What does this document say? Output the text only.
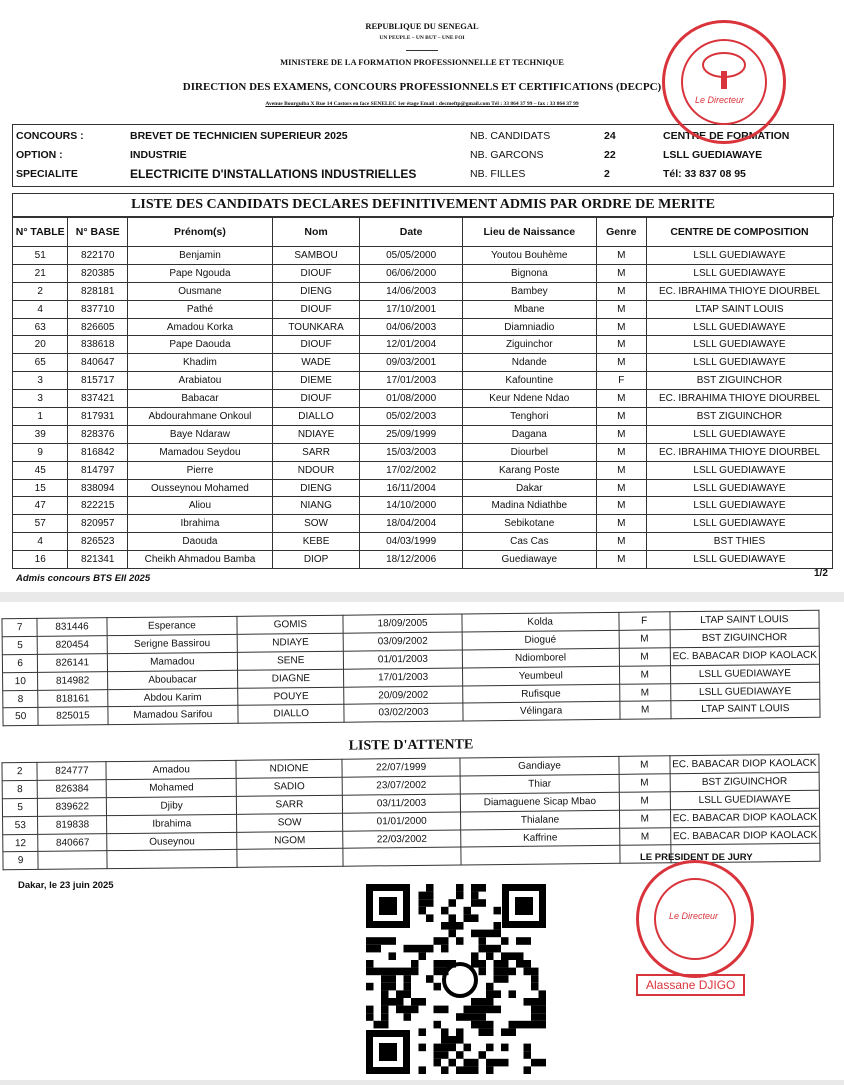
REPUBLIQUE DU SENEGAL
UN PEUPLE – UN BUT – UNE FOI
MINISTERE DE LA FORMATION PROFESSIONNELLE ET TECHNIQUE
DIRECTION DES EXAMENS, CONCOURS PROFESSIONNELS ET CERTIFICATIONS (DECPC)
Avenue Bourguiba X Rue 14 Castors en face SENELEC 1er étage Email : decmeftp@gmail.com Tél : 33 864 37 99 – fax : 33 864 37 99
CONCOURS :	BREVET DE TECHNICIEN SUPERIEUR 2025	NB. CANDIDATS	24	CENTRE DE FORMATION
OPTION :	INDUSTRIE	NB. GARCONS	22	LSLL GUEDIAWAYE
SPECIALITE	ELECTRICITE D'INSTALLATIONS INDUSTRIELLES	NB. FILLES	2	Tél: 33 837 08 95
LISTE DES CANDIDATS DECLARES DEFINITIVEMENT ADMIS PAR ORDRE DE MERITE
N° TABLE	N° BASE	Prénom(s)	Nom	Date	Lieu de Naissance	Genre	CENTRE DE COMPOSITION
51	822170	Benjamin	SAMBOU	05/05/2000	Youtou Bouhème	M	LSLL GUEDIAWAYE
21	820385	Pape Ngouda	DIOUF	06/06/2000	Bignona	M	LSLL GUEDIAWAYE
2	828181	Ousmane	DIENG	14/06/2003	Bambey	M	EC. IBRAHIMA THIOYE DIOURBEL
4	837710	Pathé	DIOUF	17/10/2001	Mbane	M	LTAP SAINT LOUIS
63	826605	Amadou Korka	TOUNKARA	04/06/2003	Diamniadio	M	LSLL GUEDIAWAYE
20	838618	Pape Daouda	DIOUF	12/01/2004	Ziguinchor	M	LSLL GUEDIAWAYE
65	840647	Khadim	WADE	09/03/2001	Ndande	M	LSLL GUEDIAWAYE
3	815717	Arabiatou	DIEME	17/01/2003	Kafountine	F	BST ZIGUINCHOR
3	837421	Babacar	DIOUF	01/08/2000	Keur Ndene Ndao	M	EC. IBRAHIMA THIOYE DIOURBEL
1	817931	Abdourahmane Onkoul	DIALLO	05/02/2003	Tenghori	M	BST ZIGUINCHOR
39	828376	Baye Ndaraw	NDIAYE	25/09/1999	Dagana	M	LSLL GUEDIAWAYE
9	816842	Mamadou Seydou	SARR	15/03/2003	Diourbel	M	EC. IBRAHIMA THIOYE DIOURBEL
45	814797	Pierre	NDOUR	17/02/2002	Karang Poste	M	LSLL GUEDIAWAYE
15	838094	Ousseynou Mohamed	DIENG	16/11/2004	Dakar	M	LSLL GUEDIAWAYE
47	822215	Aliou	NIANG	14/10/2000	Madina Ndiathbe	M	LSLL GUEDIAWAYE
57	820957	Ibrahima	SOW	18/04/2004	Sebikotane	M	LSLL GUEDIAWAYE
4	826523	Daouda	KEBE	04/03/1999	Cas Cas	M	BST THIES
16	821341	Cheikh Ahmadou Bamba	DIOP	18/12/2006	Guediawaye	M	LSLL GUEDIAWAYE
Admis concours BTS EII 2025	1/2
Le Directeur
7	831446	Esperance	GOMIS	18/09/2005	Kolda	F	LTAP SAINT LOUIS
5	820454	Serigne Bassirou	NDIAYE	03/09/2002	Diogué	M	BST ZIGUINCHOR
6	826141	Mamadou	SENE	01/01/2003	Ndiomborel	M	EC. BABACAR DIOP KAOLACK
10	814982	Aboubacar	DIAGNE	17/01/2003	Yeumbeul	M	LSLL GUEDIAWAYE
8	818161	Abdou Karim	POUYE	20/09/2002	Rufisque	M	LSLL GUEDIAWAYE
50	825015	Mamadou Sarifou	DIALLO	03/02/2003	Vélingara	M	LTAP SAINT LOUIS
LISTE D'ATTENTE
2	824777	Amadou	NDIONE	22/07/1999	Gandiaye	M	EC. BABACAR DIOP KAOLACK
8	826384	Mohamed	SADIO	23/07/2002	Thiar	M	BST ZIGUINCHOR
5	839622	Djiby	SARR	03/11/2003	Diamaguene Sicap Mbao	M	LSLL GUEDIAWAYE
53	819838	Ibrahima	SOW	01/01/2000	Thialane	M	EC. BABACAR DIOP KAOLACK
12	840667	Ouseynou	NGOM	22/03/2002	Kaffrine	M	EC. BABACAR DIOP KAOLACK
9							
Dakar, le 23 juin 2025
LE PRESIDENT DE JURY
Le Directeur
Alassane DJIGO
